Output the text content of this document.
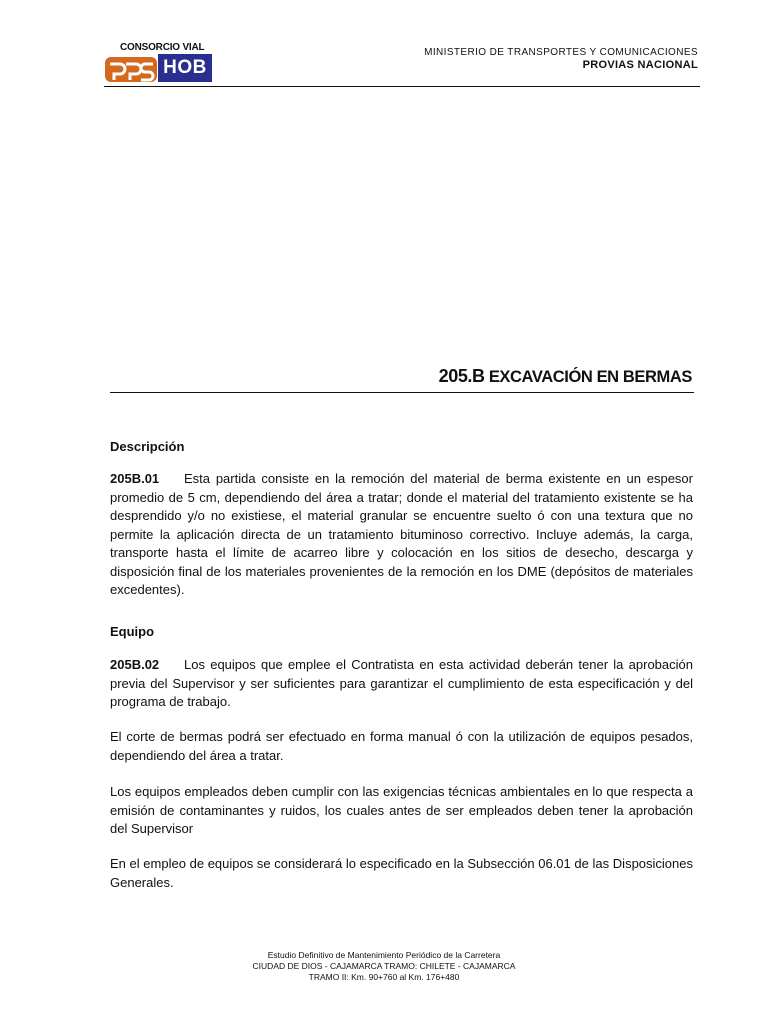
CONSORCIO VIAL
HOB
MINISTERIO DE TRANSPORTES Y COMUNICACIONES
PROVIAS NACIONAL
205.B EXCAVACIÓN EN BERMAS
Descripción

205B.01 Esta partida consiste en la remoción del material de berma existente en un espesor promedio de 5 cm, dependiendo del área a tratar; donde el material del tratamiento existente se ha desprendido y/o no existiese, el material granular se encuentre suelto ó con una textura que no permite la aplicación directa de un tratamiento bituminoso correctivo. Incluye además, la carga, transporte hasta el límite de acarreo libre y colocación en los sitios de desecho, descarga y disposición final de los materiales provenientes de la remoción en los DME (depósitos de materiales excedentes).

Equipo

205B.02 Los equipos que emplee el Contratista en esta actividad deberán tener la aprobación previa del Supervisor y ser suficientes para garantizar el cumplimiento de esta especificación y del programa de trabajo.

El corte de bermas podrá ser efectuado en forma manual ó con la utilización de equipos pesados, dependiendo del área a tratar.

Los equipos empleados deben cumplir con las exigencias técnicas ambientales en lo que respecta a emisión de contaminantes y ruidos, los cuales antes de ser empleados deben tener la aprobación del Supervisor

En el empleo de equipos se considerará lo especificado en la Subsección 06.01 de las Disposiciones Generales.

Estudio Definitivo de Mantenimiento Periódico de la Carretera
CIUDAD DE DIOS - CAJAMARCA TRAMO: CHILETE - CAJAMARCA
TRAMO II: Km. 90+760 al Km. 176+480
